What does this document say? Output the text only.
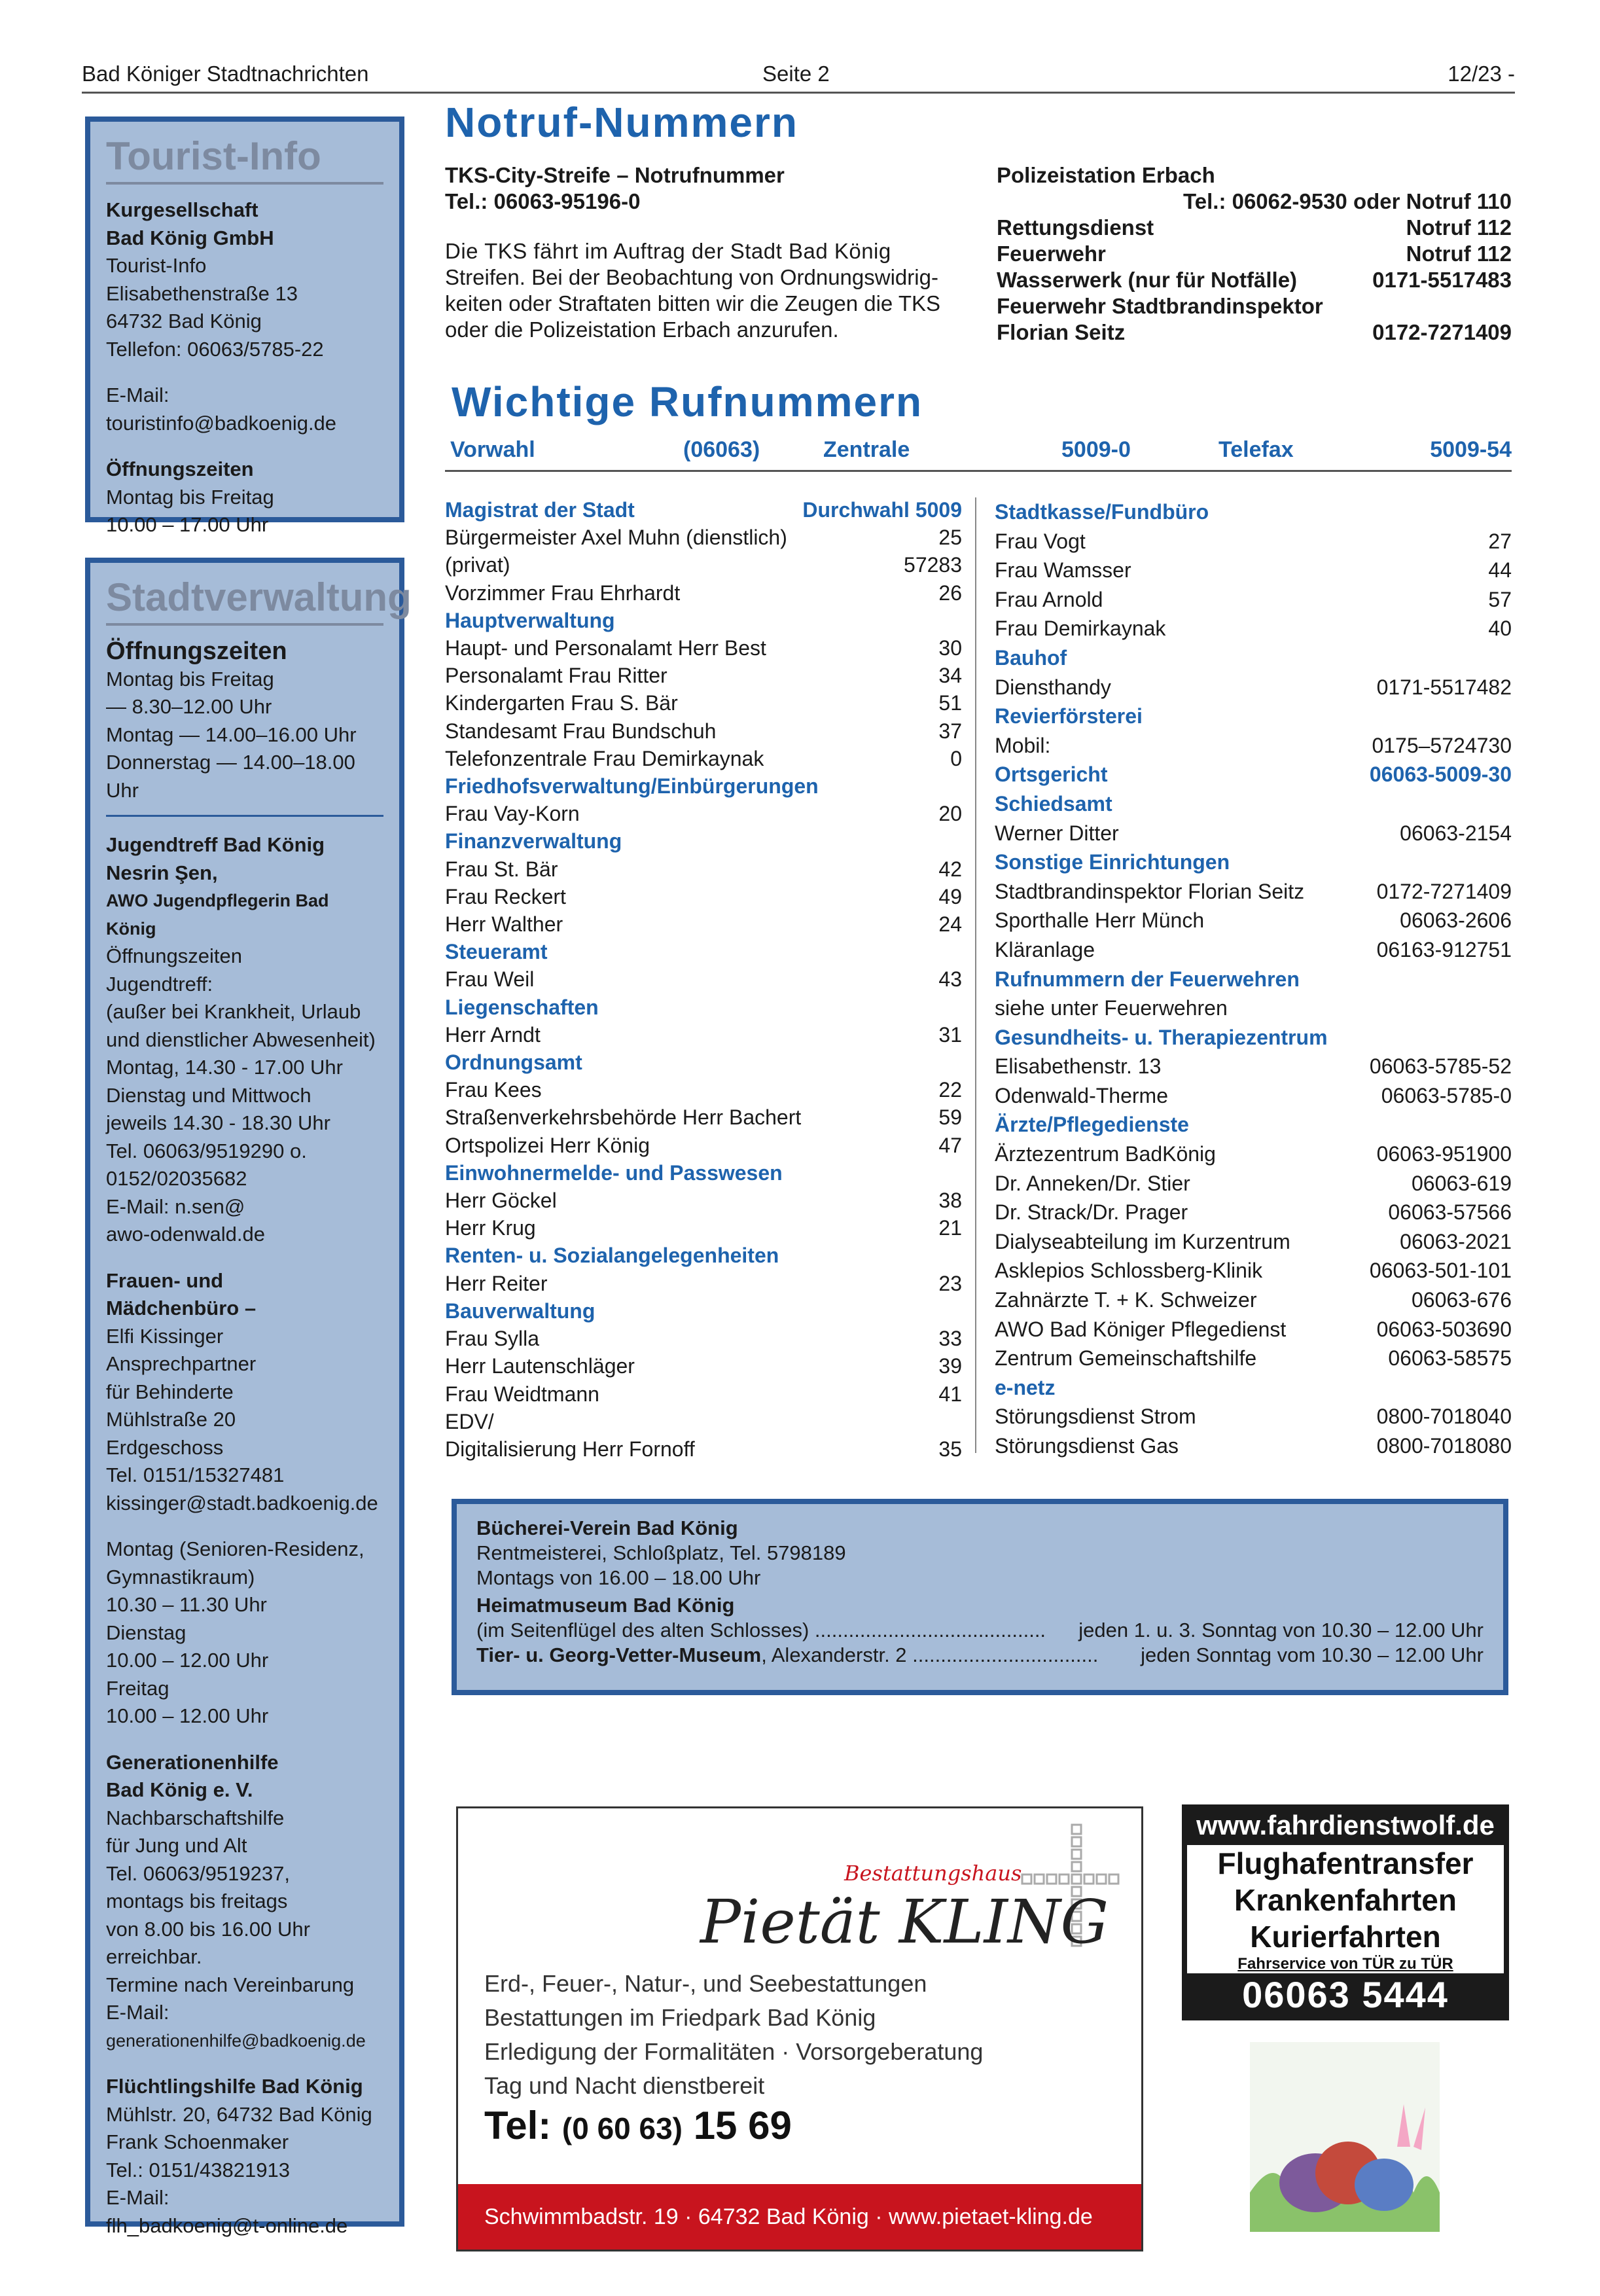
Bad Königer Stadtnachrichten	Seite 2	12/23 -
Tourist-Info
Kurgesellschaft
Bad König GmbH
Tourist-Info
Elisabethenstraße 13
64732 Bad König
Tellefon: 06063/5785-22
E-Mail:
touristinfo@badkoenig.de
Öffnungszeiten
Montag bis Freitag
10.00 – 17.00 Uhr
Stadtverwaltung
Öffnungszeiten
Montag bis Freitag
— 8.30–12.00 Uhr
Montag — 14.00–16.00 Uhr
Donnerstag — 14.00–18.00 Uhr
Jugendtreff Bad König
Nesrin Şen,
AWO Jugendpflegerin Bad König
Öffnungszeiten
Jugendtreff:
(außer bei Krankheit, Urlaub
und dienstlicher Abwesenheit)
Montag, 14.30 - 17.00 Uhr
Dienstag und Mittwoch
jeweils 14.30 - 18.30 Uhr
Tel. 06063/9519290 o.
0152/02035682
E-Mail: n.sen@
awo-odenwald.de
Frauen- und
Mädchenbüro –
Elfi Kissinger
Ansprechpartner
für Behinderte
Mühlstraße 20
Erdgeschoss
Tel. 0151/15327481
kissinger@stadt.badkoenig.de
Montag (Senioren-Residenz,
Gymnastikraum)
10.30 – 11.30 Uhr
Dienstag
10.00 – 12.00 Uhr
Freitag
10.00 – 12.00 Uhr
Generationenhilfe
Bad König e. V.
Nachbarschaftshilfe
für Jung und Alt
Tel. 06063/9519237,
montags bis freitags
von 8.00 bis 16.00 Uhr
erreichbar.
Termine nach Vereinbarung
E-Mail:
generationenhilfe@badkoenig.de
Flüchtlingshilfe Bad König
Mühlstr. 20, 64732 Bad König
Frank Schoenmaker
Tel.: 0151/43821913
E-Mail:
flh_badkoenig@t-online.de
Notruf-Nummern
TKS-City-Streife – Notrufnummer
Tel.: 06063-95196-0
Die TKS fährt im Auftrag der Stadt Bad König
Streifen. Bei der Beobachtung von Ordnungswidrig-
keiten oder Straftaten bitten wir die Zeugen die TKS
oder die Polizeistation Erbach anzurufen.
Polizeistation Erbach
Tel.: 06062-9530 oder Notruf 110
Rettungsdienst	Notruf 112
Feuerwehr	Notruf 112
Wasserwerk (nur für Notfälle)	0171-5517483
Feuerwehr Stadtbrandinspektor
Florian Seitz	0172-7271409
Wichtige Rufnummern
Vorwahl	(06063)	Zentrale	5009-0	Telefax	5009-54
Magistrat der Stadt	Durchwahl 5009
Bürgermeister Axel Muhn (dienstlich)	25
(privat)	57283
Vorzimmer Frau Ehrhardt	26
Hauptverwaltung
Haupt- und Personalamt Herr Best	30
Personalamt Frau Ritter	34
Kindergarten Frau S. Bär	51
Standesamt Frau Bundschuh	37
Telefonzentrale Frau Demirkaynak	0
Friedhofsverwaltung/Einbürgerungen
Frau Vay-Korn	20
Finanzverwaltung
Frau St. Bär	42
Frau Reckert	49
Herr Walther	24
Steueramt
Frau Weil	43
Liegenschaften
Herr Arndt	31
Ordnungsamt
Frau Kees	22
Straßenverkehrsbehörde Herr Bachert	59
Ortspolizei Herr König	47
Einwohnermelde- und Passwesen
Herr Göckel	38
Herr Krug	21
Renten- u. Sozialangelegenheiten
Herr Reiter	23
Bauverwaltung
Frau Sylla	33
Herr Lautenschläger	39
Frau Weidtmann	41
EDV/
Digitalisierung Herr Fornoff	35
Stadtkasse/Fundbüro
Frau Vogt	27
Frau Wamsser	44
Frau Arnold	57
Frau Demirkaynak	40
Bauhof
Diensthandy	0171-5517482
Revierförsterei
Mobil:	0175–5724730
Ortsgericht	06063-5009-30
Schiedsamt
Werner Ditter	06063-2154
Sonstige Einrichtungen
Stadtbrandinspektor Florian Seitz	0172-7271409
Sporthalle Herr Münch	06063-2606
Kläranlage	06163-912751
Rufnummern der Feuerwehren
siehe unter Feuerwehren
Gesundheits- u. Therapiezentrum
Elisabethenstr. 13	06063-5785-52
Odenwald-Therme	06063-5785-0
Ärzte/Pflegedienste
Ärztezentrum BadKönig	06063-951900
Dr. Anneken/Dr. Stier	06063-619
Dr. Strack/Dr. Prager	06063-57566
Dialyseabteilung im Kurzentrum	06063-2021
Asklepios Schlossberg-Klinik	06063-501-101
Zahnärzte T. + K. Schweizer	06063-676
AWO Bad Königer Pflegedienst	06063-503690
Zentrum Gemeinschaftshilfe	06063-58575
e-netz
Störungsdienst Strom	0800-7018040
Störungsdienst Gas	0800-7018080
Bücherei-Verein Bad König
Rentmeisterei, Schloßplatz, Tel. 5798189
Montags von 16.00 – 18.00 Uhr
Heimatmuseum Bad König
(im Seitenflügel des alten Schlosses) .........................................	jeden 1. u. 3. Sonntag von 10.30 – 12.00 Uhr
Tier- u. Georg-Vetter-Museum, Alexanderstr. 2 .................................	jeden Sonntag vom 10.30 – 12.00 Uhr
Bestattungshaus
Pietät KLING
Erd-, Feuer-, Natur-, und Seebestattungen
Bestattungen im Friedpark Bad König
Erledigung der Formalitäten · Vorsorgeberatung
Tag und Nacht dienstbereit
Tel: (0 60 63) 15 69
Schwimmbadstr. 19 · 64732 Bad König · www.pietaet-kling.de
www.fahrdienstwolf.de
Flughafentransfer
Krankenfahrten
Kurierfahrten
Fahrservice von TÜR zu TÜR
06063 5444
